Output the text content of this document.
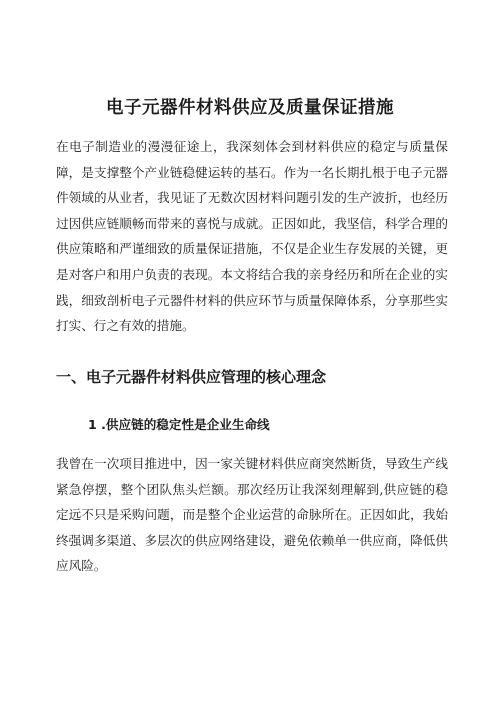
电子元器件材料供应及质量保证措施

在电子制造业的漫漫征途上，我深刻体会到材料供应的稳定与质量保障，是支撑整个产业链稳健运转的基石。作为一名长期扎根于电子元器件领域的从业者，我见证了无数次因材料问题引发的生产波折，也经历过因供应链顺畅而带来的喜悦与成就。正因如此，我坚信，科学合理的供应策略和严谨细致的质量保证措施，不仅是企业生存发展的关键，更是对客户和用户负责的表现。本文将结合我的亲身经历和所在企业的实践，细致剖析电子元器件材料的供应环节与质量保障体系，分享那些实打实、行之有效的措施。

一、电子元器件材料供应管理的核心理念
1 .供应链的稳定性是企业生命线

我曾在一次项目推进中，因一家关键材料供应商突然断货，导致生产线紧急停摆，整个团队焦头烂额。那次经历让我深刻理解到,供应链的稳定远不只是采购问题，而是整个企业运营的命脉所在。正因如此，我始终强调多渠道、多层次的供应网络建设，避免依赖单一供应商，降低供应风险。
